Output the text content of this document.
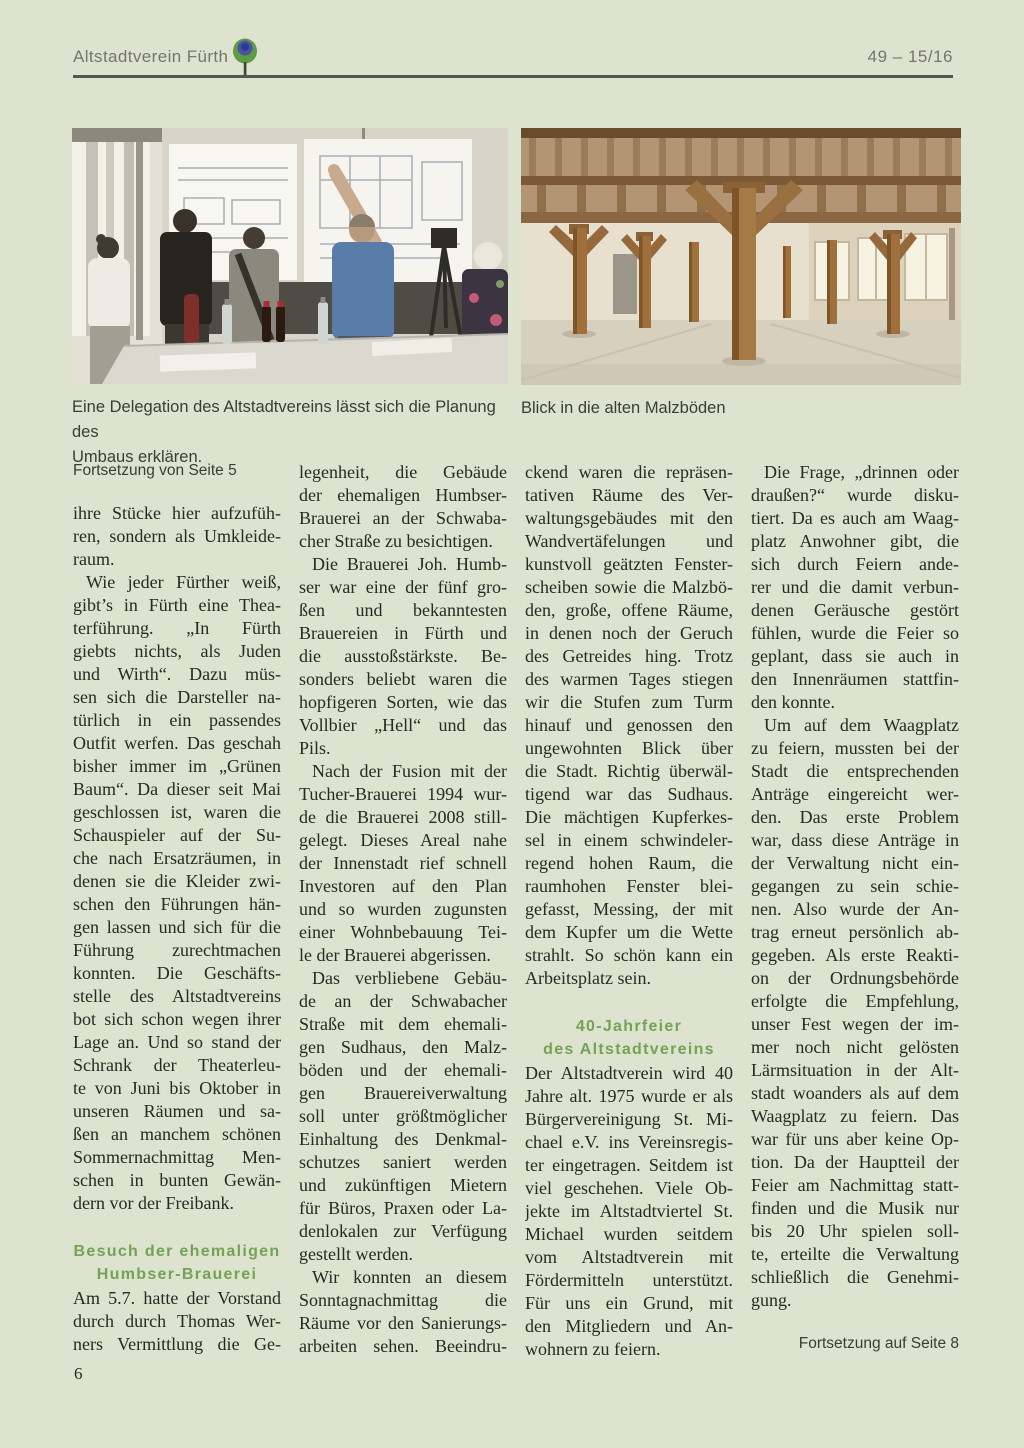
Altstadtverein Fürth	49 – 15/16
Eine Delegation des Altstadtvereins lässt sich die Planung des
Umbaus erklären.
Blick in die alten Malzböden
Fortsetzung von Seite 5
ihre Stücke hier aufzufüh-
ren, sondern als Umkleide-
raum.
Wie jeder Fürther weiß,
gibt’s in Fürth eine Thea-
terführung. „In Fürth
giebts nichts, als Juden
und Wirth“. Dazu müs-
sen sich die Darsteller na-
türlich in ein passendes
Outfit werfen. Das geschah
bisher immer im „Grünen
Baum“. Da dieser seit Mai
geschlossen ist, waren die
Schauspieler auf der Su-
che nach Ersatzräumen, in
denen sie die Kleider zwi-
schen den Führungen hän-
gen lassen und sich für die
Führung zurechtmachen
konnten. Die Geschäfts-
stelle des Altstadtvereins
bot sich schon wegen ihrer
Lage an. Und so stand der
Schrank der Theaterleu-
te von Juni bis Oktober in
unseren Räumen und sa-
ßen an manchem schönen
Sommernachmittag Men-
schen in bunten Gewän-
dern vor der Freibank.
Besuch der ehemaligen
Humbser-Brauerei
Am 5.7. hatte der Vorstand
durch durch Thomas Wer-
ners Vermittlung die Ge-
legenheit, die Gebäude
der ehemaligen Humbser-
Brauerei an der Schwaba-
cher Straße zu besichtigen.
Die Brauerei Joh. Humb-
ser war eine der fünf gro-
ßen und bekanntesten
Brauereien in Fürth und
die ausstoßstärkste. Be-
sonders beliebt waren die
hopfigeren Sorten, wie das
Vollbier „Hell“ und das
Pils.
Nach der Fusion mit der
Tucher-Brauerei 1994 wur-
de die Brauerei 2008 still-
gelegt. Dieses Areal nahe
der Innenstadt rief schnell
Investoren auf den Plan
und so wurden zugunsten
einer Wohnbebauung Tei-
le der Brauerei abgerissen.
Das verbliebene Gebäu-
de an der Schwabacher
Straße mit dem ehemali-
gen Sudhaus, den Malz-
böden und der ehemali-
gen Brauereiverwaltung
soll unter größtmöglicher
Einhaltung des Denkmal-
schutzes saniert werden
und zukünftigen Mietern
für Büros, Praxen oder La-
denlokalen zur Verfügung
gestellt werden.
Wir konnten an diesem
Sonntagnachmittag die
Räume vor den Sanierungs-
arbeiten sehen. Beeindru-
ckend waren die repräsen-
tativen Räume des Ver-
waltungsgebäudes mit den
Wandvertäfelungen und
kunstvoll geätzten Fenster-
scheiben sowie die Malzbö-
den, große, offene Räume,
in denen noch der Geruch
des Getreides hing. Trotz
des warmen Tages stiegen
wir die Stufen zum Turm
hinauf und genossen den
ungewohnten Blick über
die Stadt. Richtig überwäl-
tigend war das Sudhaus.
Die mächtigen Kupferkes-
sel in einem schwindeler-
regend hohen Raum, die
raumhohen Fenster blei-
gefasst, Messing, der mit
dem Kupfer um die Wette
strahlt. So schön kann ein
Arbeitsplatz sein.
40-Jahrfeier
des Altstadtvereins
Der Altstadtverein wird 40
Jahre alt. 1975 wurde er als
Bürgervereinigung St. Mi-
chael e.V. ins Vereinsregis-
ter eingetragen. Seitdem ist
viel geschehen. Viele Ob-
jekte im Altstadtviertel St.
Michael wurden seitdem
vom Altstadtverein mit
Fördermitteln unterstützt.
Für uns ein Grund, mit
den Mitgliedern und An-
wohnern zu feiern.
Die Frage, „drinnen oder
draußen?“ wurde disku-
tiert. Da es auch am Waag-
platz Anwohner gibt, die
sich durch Feiern ande-
rer und die damit verbun-
denen Geräusche gestört
fühlen, wurde die Feier so
geplant, dass sie auch in
den Innenräumen stattfin-
den konnte.
Um auf dem Waagplatz
zu feiern, mussten bei der
Stadt die entsprechenden
Anträge eingereicht wer-
den. Das erste Problem
war, dass diese Anträge in
der Verwaltung nicht ein-
gegangen zu sein schie-
nen. Also wurde der An-
trag erneut persönlich ab-
gegeben. Als erste Reakti-
on der Ordnungsbehörde
erfolgte die Empfehlung,
unser Fest wegen der im-
mer noch nicht gelösten
Lärmsituation in der Alt-
stadt woanders als auf dem
Waagplatz zu feiern. Das
war für uns aber keine Op-
tion. Da der Hauptteil der
Feier am Nachmittag statt-
finden und die Musik nur
bis 20 Uhr spielen soll-
te, erteilte die Verwaltung
schließlich die Genehmi-
gung.
Fortsetzung auf Seite 8
6
